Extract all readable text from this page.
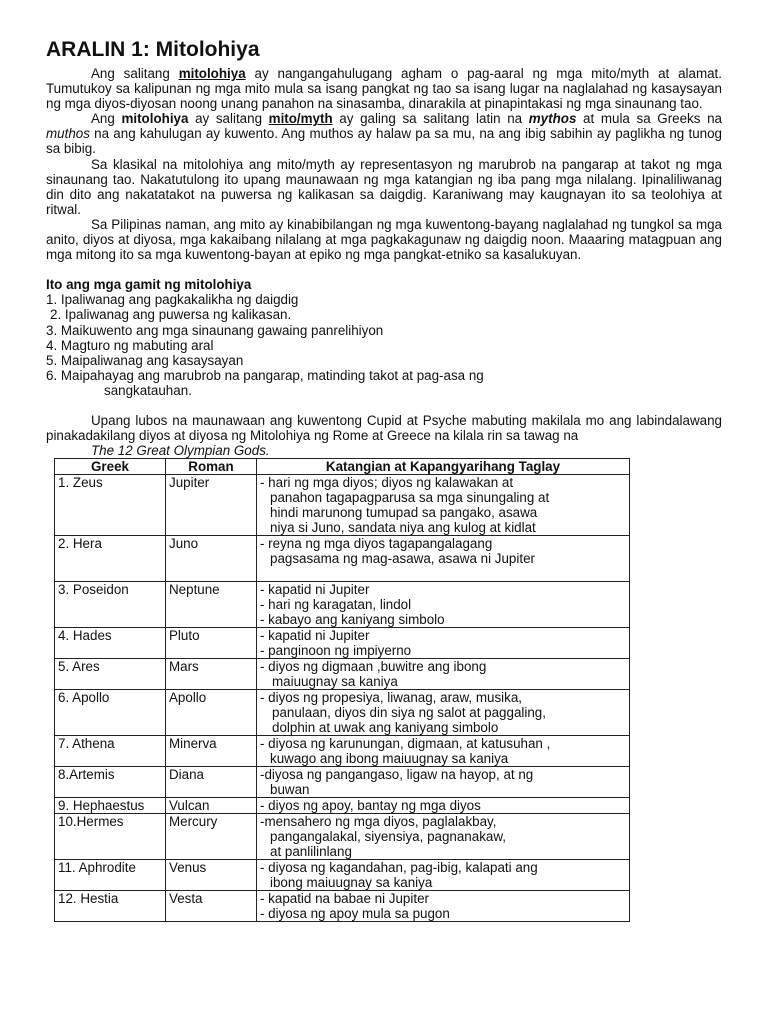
ARALIN 1: Mitolohiya

Ang salitang mitolohiya ay nangangahulugang agham o pag-aaral ng mga mito/myth at alamat. Tumutukoy sa kalipunan ng mga mito mula sa isang pangkat ng tao sa isang lugar na naglalahad ng kasaysayan ng mga diyos-diyosan noong unang panahon na sinasamba, dinarakila at pinapintakasi ng mga sinaunang tao.

Ang mitolohiya ay salitang mito/myth ay galing sa salitang latin na mythos at mula sa Greeks na muthos na ang kahulugan ay kuwento. Ang muthos ay halaw pa sa mu, na ang ibig sabihin ay paglikha ng tunog sa bibig.

Sa klasikal na mitolohiya ang mito/myth ay representasyon ng marubrob na pangarap at takot ng mga sinaunang tao. Nakatutulong ito upang maunawaan ng mga katangian ng iba pang mga nilalang. Ipinaliliwanag din dito ang nakatatakot na puwersa ng kalikasan sa daigdig. Karaniwang may kaugnayan ito sa teolohiya at ritwal.

Sa Pilipinas naman, ang mito ay kinabibilangan ng mga kuwentong-bayang naglalahad ng tungkol sa mga anito, diyos at diyosa, mga kakaibang nilalang at mga pagkakagunaw ng daigdig noon. Maaaring matagpuan ang mga mitong ito sa mga kuwentong-bayan at epiko ng mga pangkat-etniko sa kasalukuyan.

Ito ang mga gamit ng mitolohiya
1. Ipaliwanag ang pagkakalikha ng daigdig
2. Ipaliwanag ang puwersa ng kalikasan.
3. Maikuwento ang mga sinaunang gawaing panrelihiyon
4. Magturo ng mabuting aral
5. Maipaliwanag ang kasaysayan
6. Maipahayag ang marubrob na pangarap, matinding takot at pag-asa ng
sangkatauhan.

Upang lubos na maunawaan ang kuwentong Cupid at Psyche mabuting makilala mo ang labindalawang pinakadakilang diyos at diyosa ng Mitolohiya ng Rome at Greece na kilala rin sa tawag na

The 12 Great Olympian Gods.
Greek	Roman	Katangian at Kapangyarihang Taglay
1. Zeus	Jupiter	- hari ng mga diyos; diyos ng kalawakan at
panahon tagapagparusa sa mga sinungaling at
hindi marunong tumupad sa pangako, asawa
niya si Juno, sandata niya ang kulog at kidlat

2. Hera	Juno	- reyna ng mga diyos tagapangalagang
pagsasama ng mag-asawa, asawa ni Jupiter

3. Poseidon	Neptune	- kapatid ni Jupiter
- hari ng karagatan, lindol
- kabayo ang kaniyang simbolo

4. Hades	Pluto	- kapatid ni Jupiter
- panginoon ng impiyerno

5. Ares	Mars	- diyos ng digmaan ,buwitre ang ibong
maiuugnay sa kaniya

6. Apollo	Apollo	- diyos ng propesiya, liwanag, araw, musika,
panulaan, diyos din siya ng salot at paggaling,
dolphin at uwak ang kaniyang simbolo

7. Athena	Minerva	- diyosa ng karunungan, digmaan, at katusuhan ,
kuwago ang ibong maiuugnay sa kaniya

8.Artemis	Diana	-diyosa ng pangangaso, ligaw na hayop, at ng
buwan

9. Hephaestus	Vulcan	- diyos ng apoy, bantay ng mga diyos

10.Hermes	Mercury	-mensahero ng mga diyos, paglalakbay,
pangangalakal, siyensiya, pagnanakaw,
at panlilinlang

11. Aphrodite	Venus	- diyosa ng kagandahan, pag-ibig, kalapati ang
ibong maiuugnay sa kaniya

12. Hestia	Vesta	- kapatid na babae ni Jupiter
- diyosa ng apoy mula sa pugon
